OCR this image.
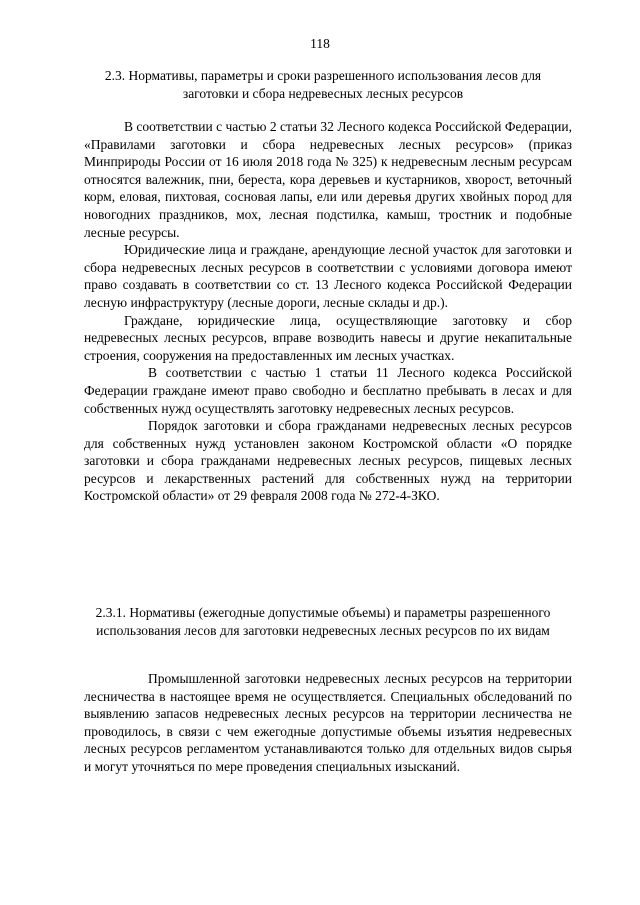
118
2.3. Нормативы, параметры и сроки разрешенного использования лесов для заготовки и сбора недревесных лесных ресурсов

В соответствии с частью 2 статьи 32 Лесного кодекса Российской Федерации, «Правилами заготовки и сбора недревесных лесных ресурсов» (приказ Минприроды России от 16 июля 2018 года № 325) к недревесным лесным ресурсам относятся валежник, пни, береста, кора деревьев и кустарников, хворост, веточный корм, еловая, пихтовая, сосновая лапы, ели или деревья других хвойных пород для новогодних праздников, мох, лесная подстилка, камыш, тростник и подобные лесные ресурсы.

Юридические лица и граждане, арендующие лесной участок для заготовки и сбора недревесных лесных ресурсов в соответствии с условиями договора имеют право создавать в соответствии со ст. 13 Лесного кодекса Российской Федерации лесную инфраструктуру (лесные дороги, лесные склады и др.).

Граждане, юридические лица, осуществляющие заготовку и сбор недревесных лесных ресурсов, вправе возводить навесы и другие некапитальные строения, сооружения на предоставленных им лесных участках.

В соответствии с частью 1 статьи 11 Лесного кодекса Российской Федерации граждане имеют право свободно и бесплатно пребывать в лесах и для собственных нужд осуществлять заготовку недревесных лесных ресурсов.

Порядок заготовки и сбора гражданами недревесных лесных ресурсов для собственных нужд установлен законом Костромской области «О порядке заготовки и сбора гражданами недревесных лесных ресурсов, пищевых лесных ресурсов и лекарственных растений для собственных нужд на территории Костромской области» от 29 февраля 2008 года № 272-4-ЗКО.

2.3.1. Нормативы (ежегодные допустимые объемы) и параметры разрешенного использования лесов для заготовки недревесных лесных ресурсов по их видам

Промышленной заготовки недревесных лесных ресурсов на территории лесничества в настоящее время не осуществляется. Специальных обследований по выявлению запасов недревесных лесных ресурсов на территории лесничества не проводилось, в связи с чем ежегодные допустимые объемы изъятия недревесных лесных ресурсов регламентом устанавливаются только для отдельных видов сырья и могут уточняться по мере проведения специальных изысканий.
